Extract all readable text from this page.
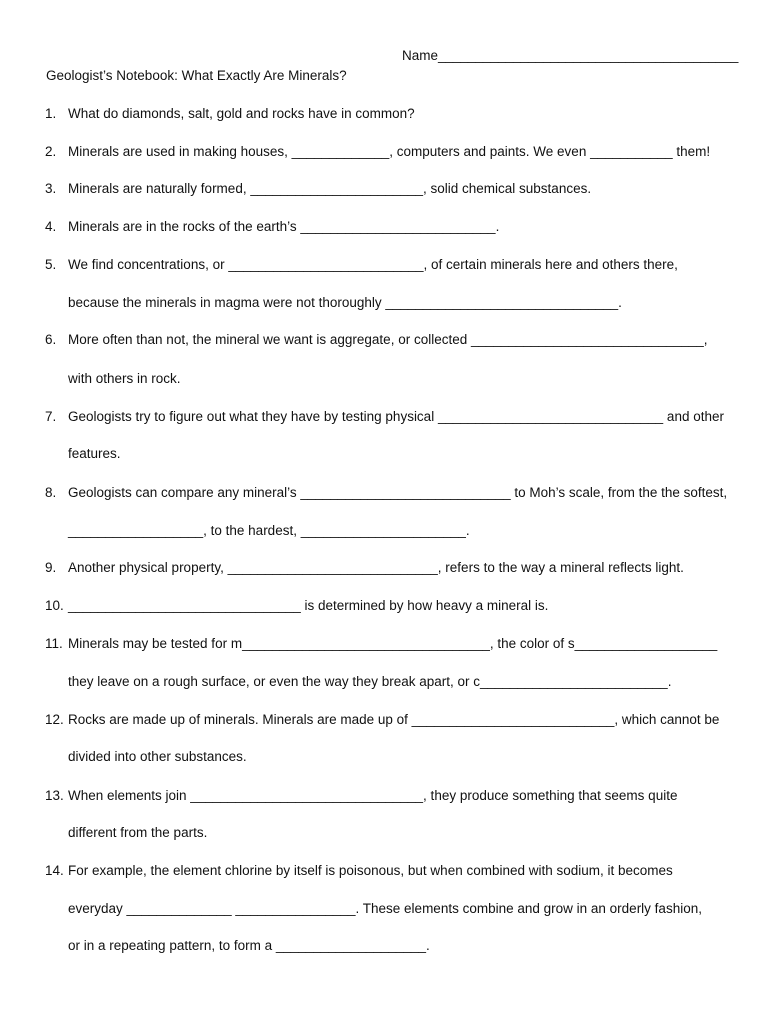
Name________________________________________
Geologist’s Notebook: What Exactly Are Minerals?
1. What do diamonds, salt, gold and rocks have in common?
2. Minerals are used in making houses, _____________, computers and paints. We even ___________ them!
3. Minerals are naturally formed, _______________________, solid chemical substances.
4. Minerals are in the rocks of the earth’s __________________________.
5. We find concentrations, or __________________________, of certain minerals here and others there,
because the minerals in magma were not thoroughly _______________________________.
6. More often than not, the mineral we want is aggregate, or collected _______________________________,
with others in rock.
7. Geologists try to figure out what they have by testing physical ______________________________ and other
features.
8. Geologists can compare any mineral’s ____________________________ to Moh’s scale, from the the softest,
__________________, to the hardest, ______________________.
9. Another physical property, ____________________________, refers to the way a mineral reflects light.
10. _______________________________ is determined by how heavy a mineral is.
11. Minerals may be tested for m_________________________________, the color of s___________________
they leave on a rough surface, or even the way they break apart, or c_________________________.
12. Rocks are made up of minerals. Minerals are made up of ___________________________, which cannot be
divided into other substances.
13. When elements join _______________________________, they produce something that seems quite
different from the parts.
14. For example, the element chlorine by itself is poisonous, but when combined with sodium, it becomes
everyday ______________ ________________. These elements combine and grow in an orderly fashion,
or in a repeating pattern, to form a ____________________.
